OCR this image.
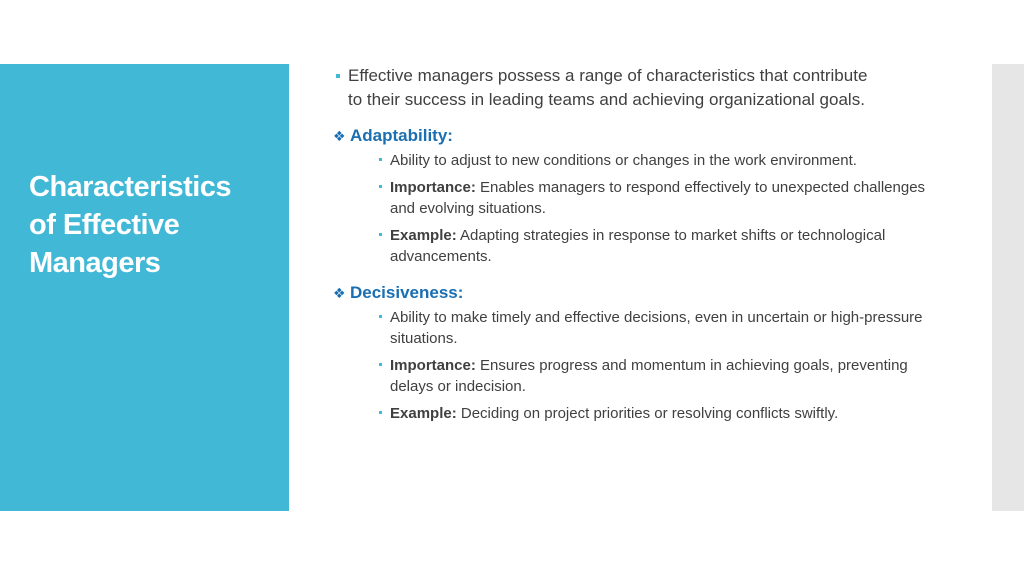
Characteristics
of Effective
Managers

Effective managers possess a range of characteristics that contribute to their success in leading teams and achieving organizational goals.

❖ Adaptability:
Ability to adjust to new conditions or changes in the work environment.
Importance: Enables managers to respond effectively to unexpected challenges and evolving situations.
Example: Adapting strategies in response to market shifts or technological advancements.
❖ Decisiveness:
Ability to make timely and effective decisions, even in uncertain or high-pressure situations.
Importance: Ensures progress and momentum in achieving goals, preventing delays or indecision.
Example: Deciding on project priorities or resolving conflicts swiftly.
